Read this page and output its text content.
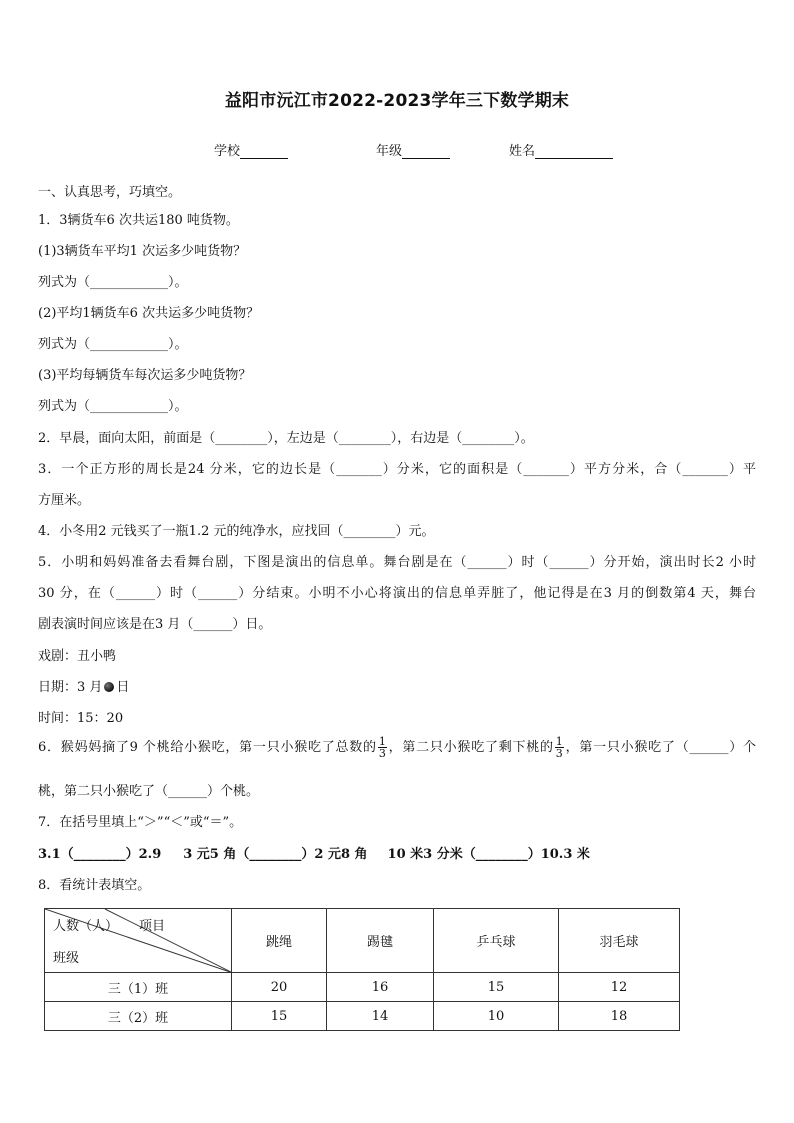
益阳市沅江市2022-2023学年三下数学期末
学校	年级	姓名
一、认真思考，巧填空。
1．3辆货车6 次共运180 吨货物。
(1)3辆货车平均1 次运多少吨货物？
列式为（____________）。
(2)平均1辆货车6 次共运多少吨货物？
列式为（____________）。
(3)平均每辆货车每次运多少吨货物？
列式为（____________）。
2．早晨，面向太阳，前面是（________），左边是（________），右边是（________）。
3．一个正方形的周长是24 分米，它的边长是（_______）分米，它的面积是（_______）平方分米，合（_______）平
方厘米。
4．小冬用2 元钱买了一瓶1.2 元的纯净水，应找回（________）元。
5．小明和妈妈准备去看舞台剧，下图是演出的信息单。舞台剧是在（______）时（______）分开始，演出时长2 小时
30 分，在（______）时（______）分结束。小明不小心将演出的信息单弄脏了，他记得是在3 月的倒数第4 天，舞台
剧表演时间应该是在3 月（______）日。
戏剧：丑小鸭
日期：3 月 日
时间：15：20
6．猴妈妈摘了9 个桃给小猴吃，第一只小猴吃了总数的 $\frac{1}{3}$ ，第二只小猴吃了剩下桃的 $\frac{1}{3}$ ，第一只小猴吃了（______）个
桃，第二只小猴吃了（______）个桃。
7．在括号里填上“＞”“＜”或“＝”。
3.1（________）2.9 3 元5 角（________）2 元8 角 10 米3 分米（________）10.3 米
8．看统计表填空。
人数（人） 项目
班级	跳绳	踢毽	乒乓球	羽毛球
三（1）班	20	16	15	12
三（2）班	15	14	10	18
